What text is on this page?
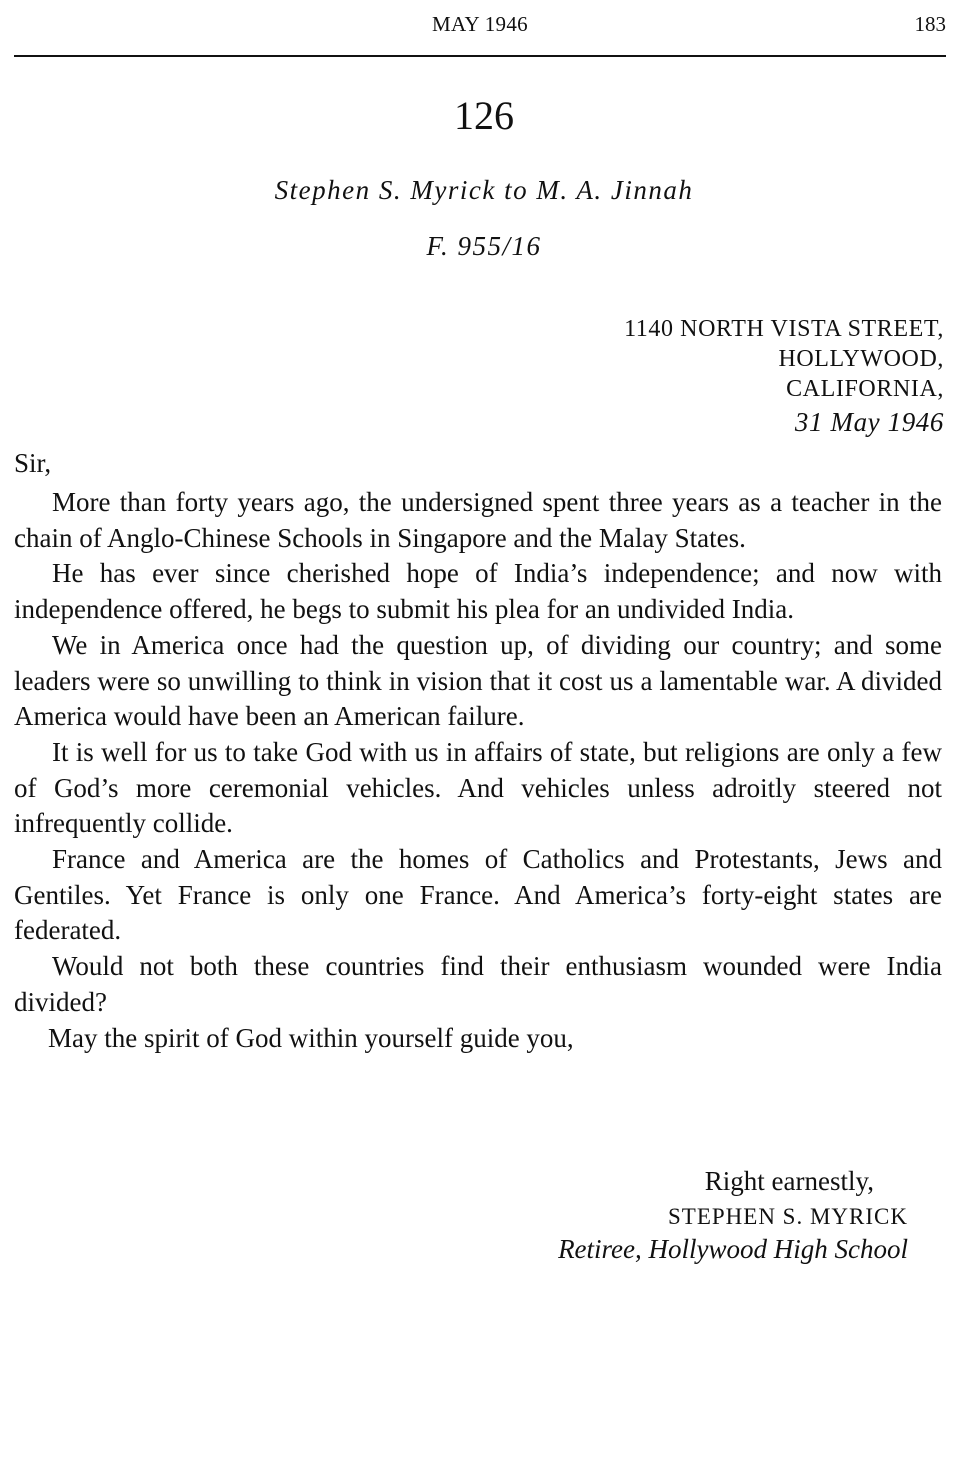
MAY 1946	183
126
Stephen S. Myrick to M. A. Jinnah
F. 955/16
1140 NORTH VISTA STREET,
HOLLYWOOD,
CALIFORNIA,
31 May 1946
Sir,

More than forty years ago, the undersigned spent three years as a teacher in the chain of Anglo-Chinese Schools in Singapore and the Malay States.

He has ever since cherished hope of India’s independence; and now with independence offered, he begs to submit his plea for an undivided India.

We in America once had the question up, of dividing our country; and some leaders were so unwilling to think in vision that it cost us a lamentable war. A divided America would have been an American failure.

It is well for us to take God with us in affairs of state, but religions are only a few of God’s more ceremonial vehicles. And vehicles unless adroitly steered not infrequently collide.

France and America are the homes of Catholics and Protestants, Jews and Gentiles. Yet France is only one France. And America’s forty-eight states are federated.

Would not both these countries find their enthusiasm wounded were India divided?

May the spirit of God within yourself guide you,

Right earnestly,
STEPHEN S. MYRICK
Retiree, Hollywood High School
